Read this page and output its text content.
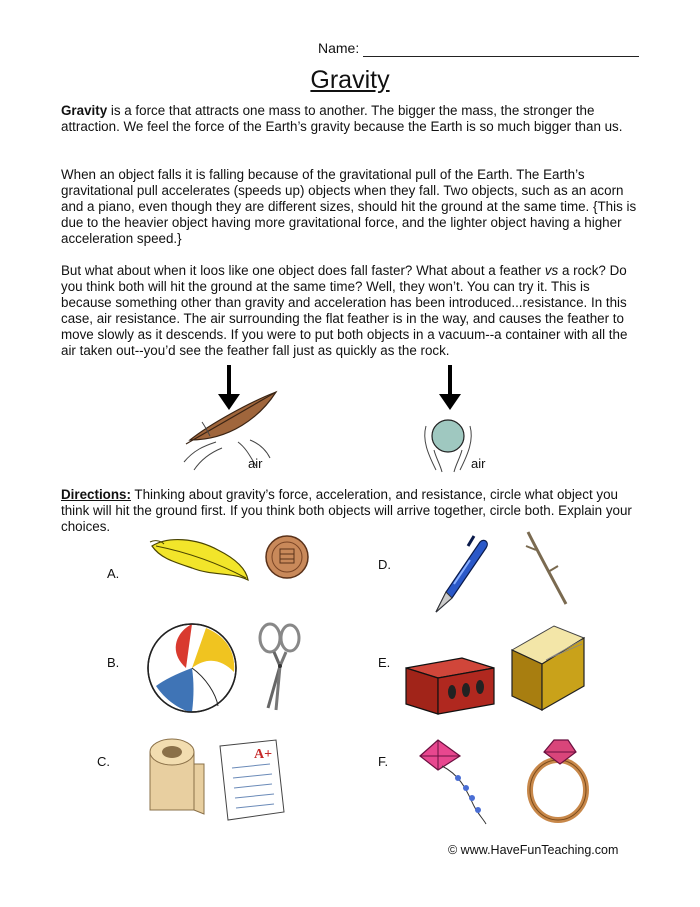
Name:
Gravity

Gravity is a force that attracts one mass to another. The bigger the mass, the stronger the attraction. We feel the force of the Earth’s gravity because the Earth is so much bigger than us.

When an object falls it is falling because of the gravitational pull of the Earth. The Earth’s gravitational pull accelerates (speeds up) objects when they fall. Two objects, such as an acorn and a piano, even though they are different sizes, should hit the ground at the same time. {This is due to the heavier object having more gravitational force, and the lighter object having a higher acceleration speed.}

But what about when it loos like one object does fall faster? What about a feather vs a rock? Do you think both will hit the ground at the same time? Well, they won’t. You can try it. This is because something other than gravity and acceleration has been introduced...resistance. In this case, air resistance. The air surrounding the flat feather is in the way, and causes the feather to move slowly as it descends. If you were to put both objects in a vacuum--a container with all the air taken out--you’d see the feather fall just as quickly as the rock.

air	air

Directions: Thinking about gravity’s force, acceleration, and resistance, circle what object you think will hit the ground first. If you think both objects will arrive together, circle both. Explain your choices.

A.
B.
C.
D.
E.
F.
A+
© www.HaveFunTeaching.com
